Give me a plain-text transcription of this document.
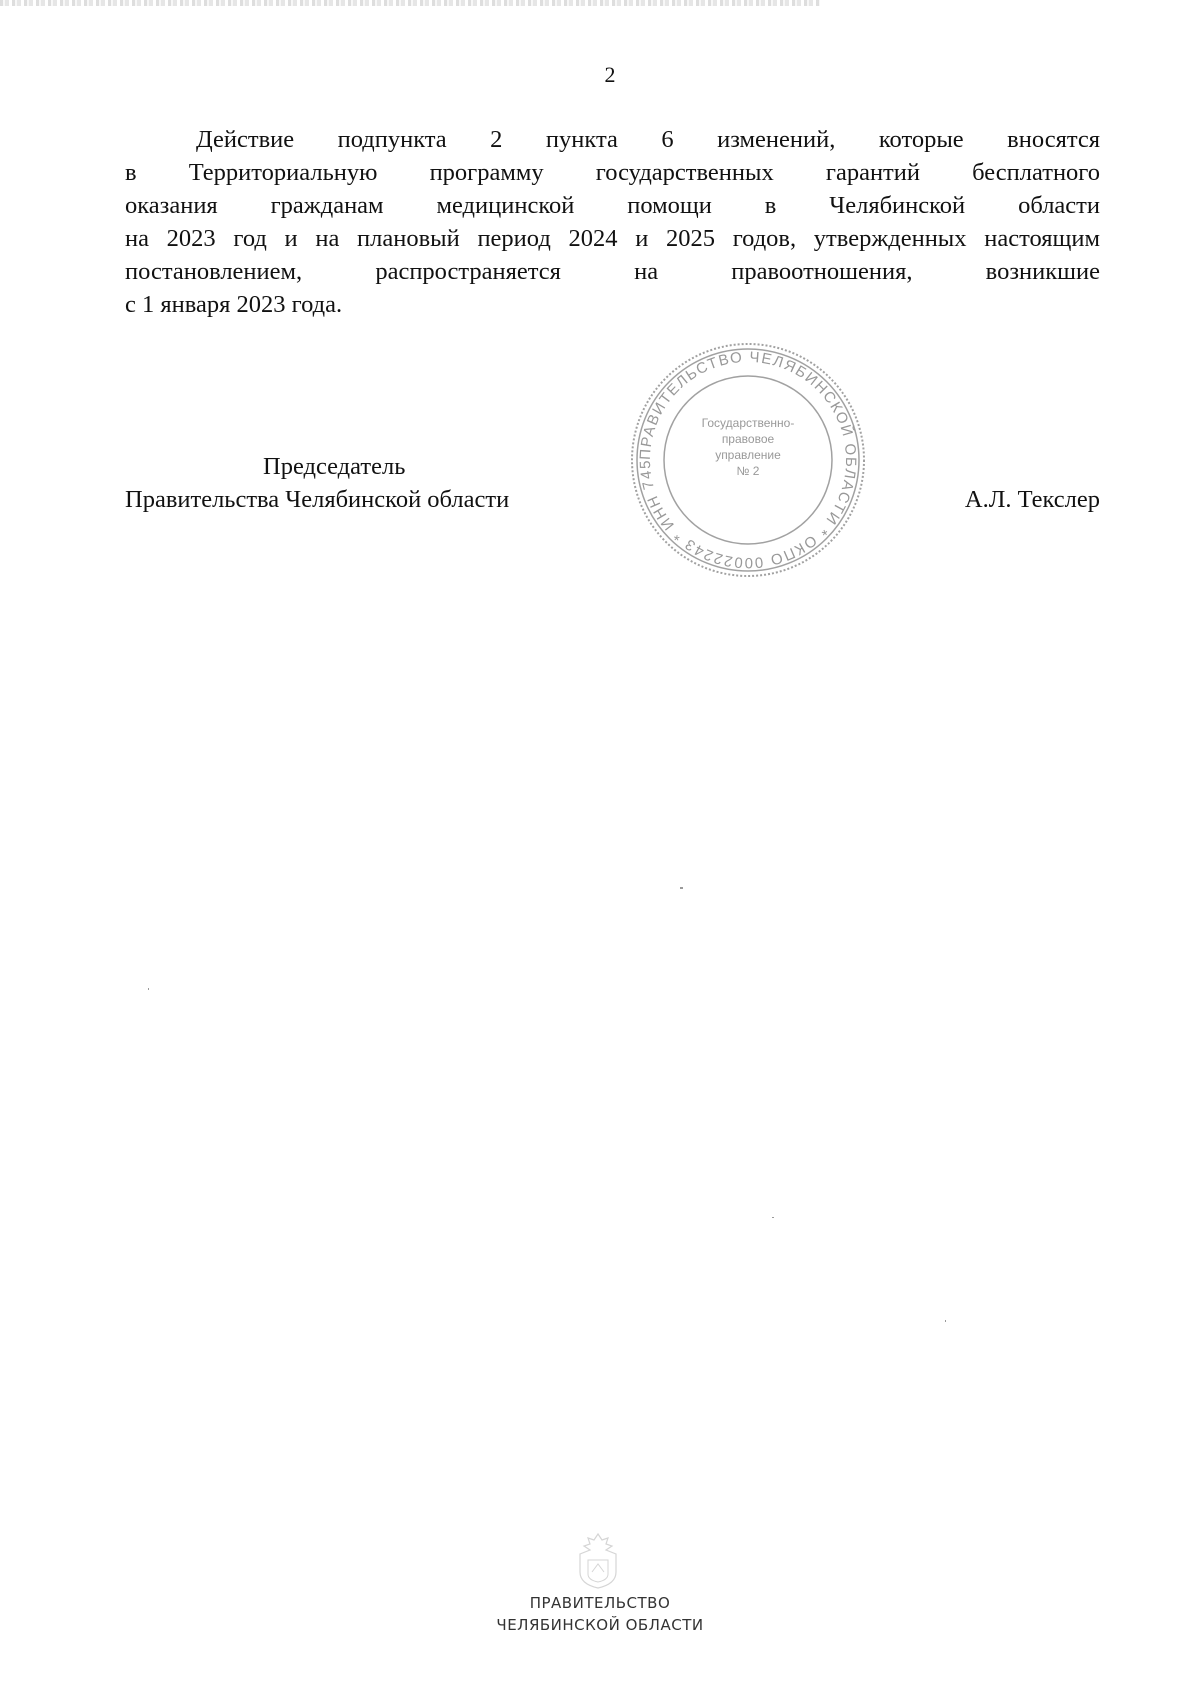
2
Действие подпункта 2 пункта 6 изменений, которые вносятся
в Территориальную программу государственных гарантий бесплатного
оказания гражданам медицинской помощи в Челябинской области
на 2023 год и на плановый период 2024 и 2025 годов, утвержденных настоящим
постановлением, распространяется на правоотношения, возникшие
с 1 января 2023 года.
Председатель
Правительства Челябинской области	А.Л. Текслер
ПРАВИТЕЛЬСТВО ЧЕЛЯБИНСКОЙ ОБЛАСТИ * ОКПО 00022243 * ИНН 745
Государственно-
правовое
управление
№ 2
ПРАВИТЕЛЬСТВО
ЧЕЛЯБИНСКОЙ ОБЛАСТИ
